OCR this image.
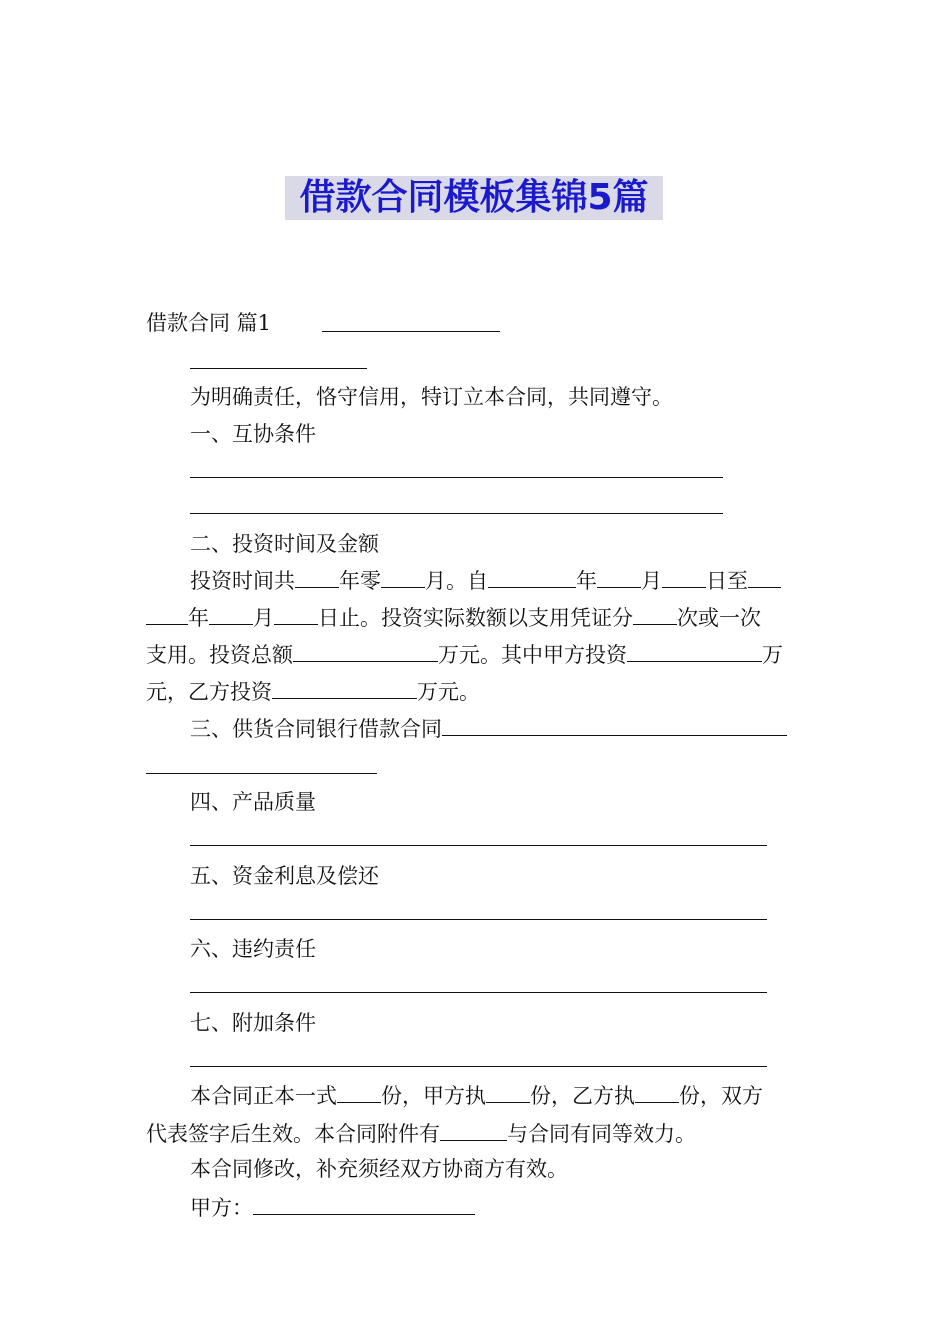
借款合同模板集锦5篇
借款合同 篇1
为明确责任，恪守信用，特订立本合同，共同遵守。
一、互协条件
二、投资时间及金额
投资时间共 年零 月。自	年 月 日至
年 月 日止。投资实际数额以支用凭证分 次或一次
支用。投资总额	万元。其中甲方投资	万
元，乙方投资	万元。
三、供货合同银行借款合同
四、产品质量
五、资金利息及偿还
六、违约责任
七、附加条件
本合同正本一式 份，甲方执 份，乙方执 份，双方
代表签字后生效。本合同附件有	与合同有同等效力。
本合同修改，补充须经双方协商方有效。
甲方：
